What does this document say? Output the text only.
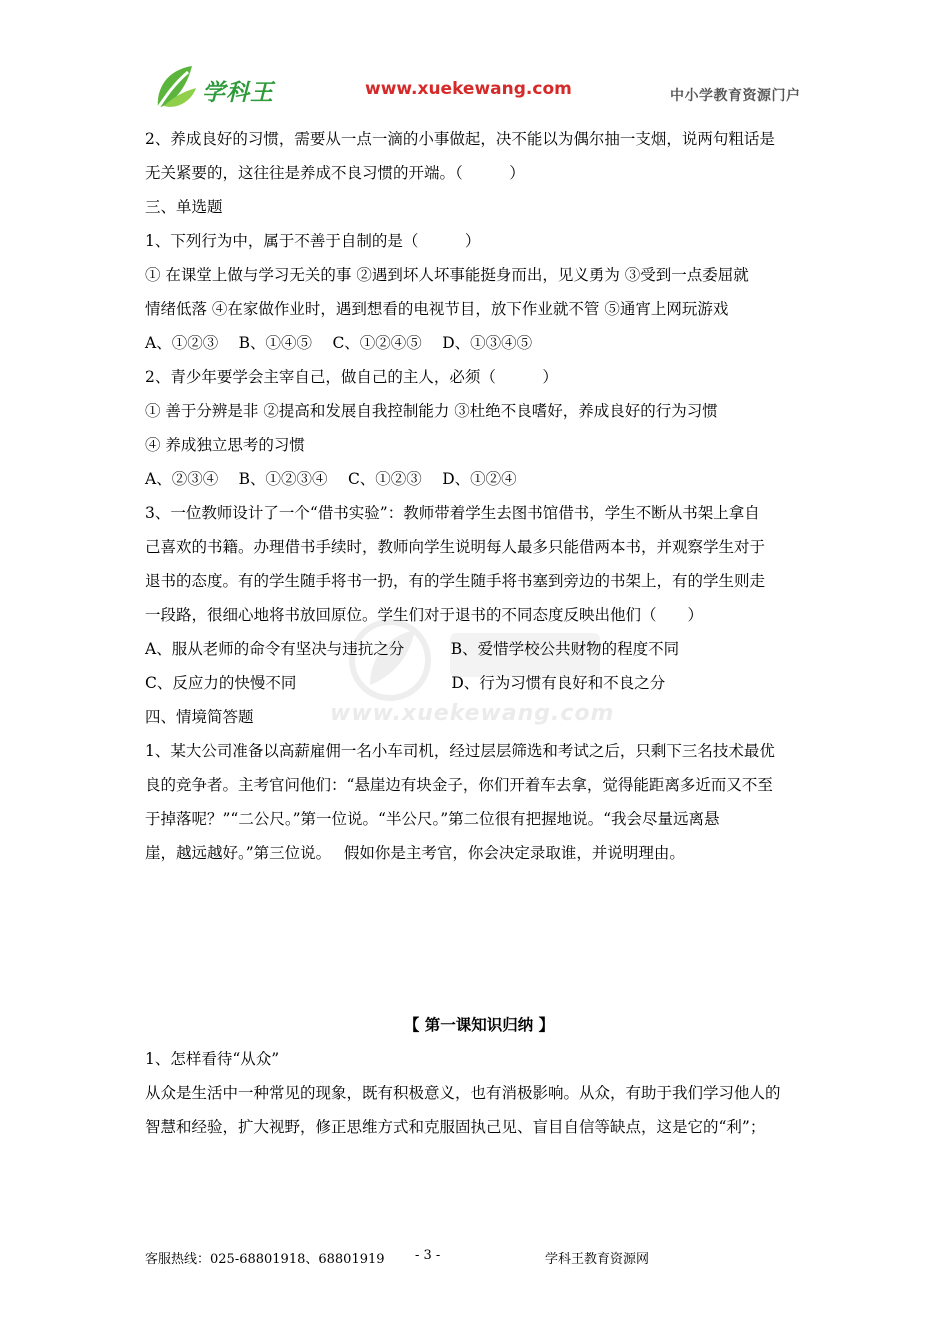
学科王	www.xuekewang.com	中小学教育资源门户
www.xuekewang.com
2、养成良好的习惯，需要从一点一滴的小事做起，决不能以为偶尔抽一支烟，说两句粗话是
无关紧要的，这往往是养成不良习惯的开端。（　　　）
三、单选题
1、下列行为中，属于不善于自制的是（　　　）
① 在课堂上做与学习无关的事 ②遇到坏人坏事能挺身而出，见义勇为 ③受到一点委屈就
情绪低落 ④在家做作业时，遇到想看的电视节目，放下作业就不管 ⑤通宵上网玩游戏
A、①②③　 B、①④⑤　 C、①②④⑤　 D、①③④⑤
2、青少年要学会主宰自己，做自己的主人，必须（　　　）
① 善于分辨是非 ②提高和发展自我控制能力 ③杜绝不良嗜好，养成良好的行为习惯
④ 养成独立思考的习惯
A、②③④　 B、①②③④　 C、①②③　 D、①②④
3、一位教师设计了一个“借书实验”：教师带着学生去图书馆借书，学生不断从书架上拿自
己喜欢的书籍。办理借书手续时，教师向学生说明每人最多只能借两本书，并观察学生对于
退书的态度。有的学生随手将书一扔，有的学生随手将书塞到旁边的书架上，有的学生则走
一段路，很细心地将书放回原位。学生们对于退书的不同态度反映出他们（　　）
A、服从老师的命令有坚决与违抗之分　　　B、爱惜学校公共财物的程度不同
C、反应力的快慢不同　　　　　　　　　　D、行为习惯有良好和不良之分
四、情境简答题
1、某大公司准备以高薪雇佣一名小车司机，经过层层筛选和考试之后，只剩下三名技术最优
良的竞争者。主考官问他们：“悬崖边有块金子，你们开着车去拿，觉得能距离多近而又不至
于掉落呢？”“二公尺。”第一位说。“半公尺。”第二位很有把握地说。“我会尽量远离悬
崖，越远越好。”第三位说。　 假如你是主考官，你会决定录取谁，并说明理由。
【 第一课知识归纳 】
1、怎样看待“从众”
从众是生活中一种常见的现象，既有积极意义，也有消极影响。从众，有助于我们学习他人的
智慧和经验，扩大视野，修正思维方式和克服固执己见、盲目自信等缺点，这是它的“利”；
客服热线：025-68801918、68801919 - 3 -	学科王教育资源网
